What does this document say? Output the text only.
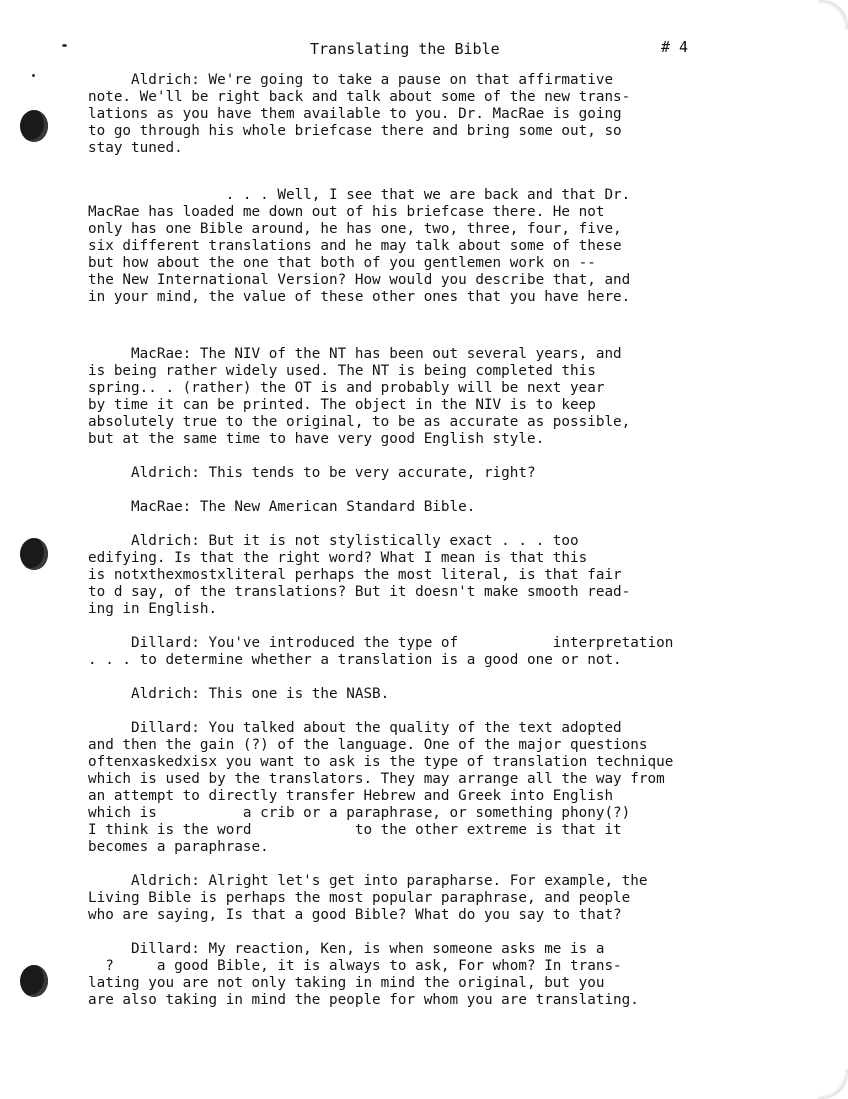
Translating the Bible	# 4
Aldrich: We're going to take a pause on that affirmative
note. We'll be right back and talk about some of the new trans-
lations as you have them available to you. Dr. MacRae is going
to go through his whole briefcase there and bring some out, so
stay tuned.
. . . Well, I see that we are back and that Dr.
MacRae has loaded me down out of his briefcase there. He not
only has one Bible around, he has one, two, three, four, five,
six different translations and he may talk about some of these
but how about the one that both of you gentlemen work on --
the New International Version? How would you describe that, and
in your mind, the value of these other ones that you have here.
MacRae: The NIV of the NT has been out several years, and
is being rather widely used. The NT is being completed this
spring.. . (rather) the OT is and probably will be next year
by time it can be printed. The object in the NIV is to keep
absolutely true to the original, to be as accurate as possible,
but at the same time to have very good English style.
Aldrich: This tends to be very accurate, right?
MacRae: The New American Standard Bible.
Aldrich: But it is not stylistically exact . . . too
edifying. Is that the right word? What I mean is that this
is notxthexmostxliteral perhaps the most literal, is that fair
to d say, of the translations? But it doesn't make smooth read-
ing in English.
Dillard: You've introduced the type of           interpretation
. . . to determine whether a translation is a good one or not.
Aldrich: This one is the NASB.
Dillard: You talked about the quality of the text adopted
and then the gain (?) of the language. One of the major questions
oftenxaskedxisx you want to ask is the type of translation technique
which is used by the translators. They may arrange all the way from
an attempt to directly transfer Hebrew and Greek into English
which is          a crib or a paraphrase, or something phony(?)
I think is the word            to the other extreme is that it
becomes a paraphrase.
Aldrich: Alright let's get into parapharse. For example, the
Living Bible is perhaps the most popular paraphrase, and people
who are saying, Is that a good Bible? What do you say to that?
Dillard: My reaction, Ken, is when someone asks me is a
?     a good Bible, it is always to ask, For whom? In trans-
lating you are not only taking in mind the original, but you
are also taking in mind the people for whom you are translating.
